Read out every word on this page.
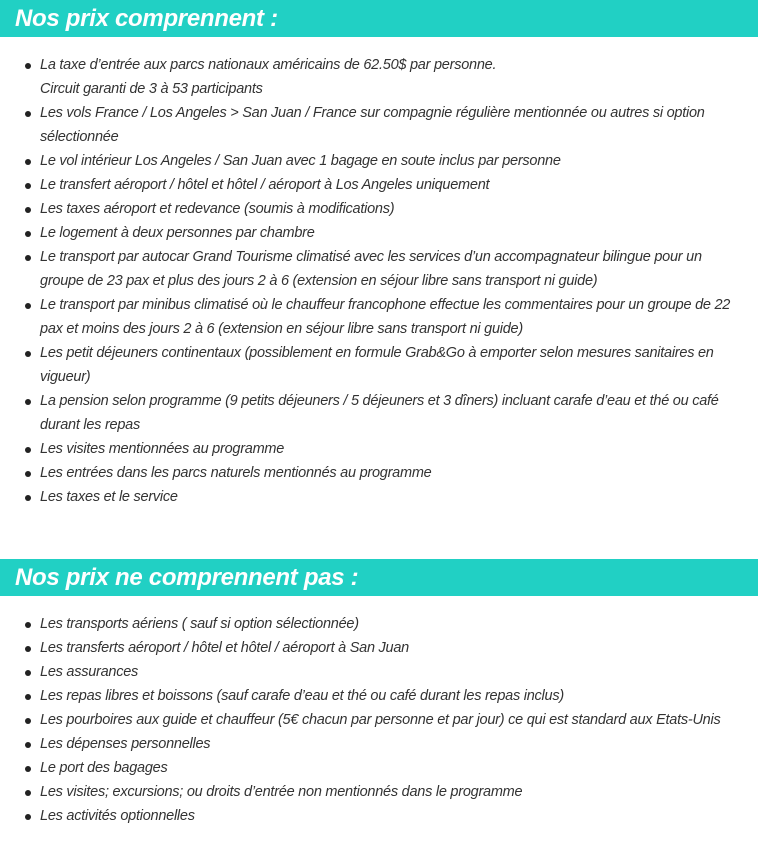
Nos prix comprennent :
La taxe d’entrée aux parcs nationaux américains de 62.50$ par personne.
Circuit garanti de 3 à 53 participants
Les vols France / Los Angeles > San Juan / France sur compagnie régulière mentionnée ou autres si option
sélectionnée
Le vol intérieur Los Angeles / San Juan avec 1 bagage en soute inclus par personne
Le transfert aéroport / hôtel et hôtel / aéroport à Los Angeles uniquement
Les taxes aéroport et redevance (soumis à modifications)
Le logement à deux personnes par chambre
Le transport par autocar Grand Tourisme climatisé avec les services d’un accompagnateur bilingue pour un
groupe de 23 pax et plus des jours 2 à 6 (extension en séjour libre sans transport ni guide)
Le transport par minibus climatisé où le chauffeur francophone effectue les commentaires pour un groupe de 22
pax et moins des jours 2 à 6 (extension en séjour libre sans transport ni guide)
Les petit déjeuners continentaux (possiblement en formule Grab&Go à emporter selon mesures sanitaires en
vigueur)
La pension selon programme (9 petits déjeuners / 5 déjeuners et 3 dîners) incluant carafe d’eau et thé ou café
durant les repas
Les visites mentionnées au programme
Les entrées dans les parcs naturels mentionnés au programme
Les taxes et le service
Nos prix ne comprennent pas :
Les transports aériens ( sauf si option sélectionnée)
Les transferts aéroport / hôtel et hôtel / aéroport à San Juan
Les assurances
Les repas libres et boissons (sauf carafe d’eau et thé ou café durant les repas inclus)
Les pourboires aux guide et chauffeur (5€ chacun par personne et par jour) ce qui est standard aux Etats-Unis
Les dépenses personnelles
Le port des bagages
Les visites; excursions; ou droits d’entrée non mentionnés dans le programme
Les activités optionnelles
